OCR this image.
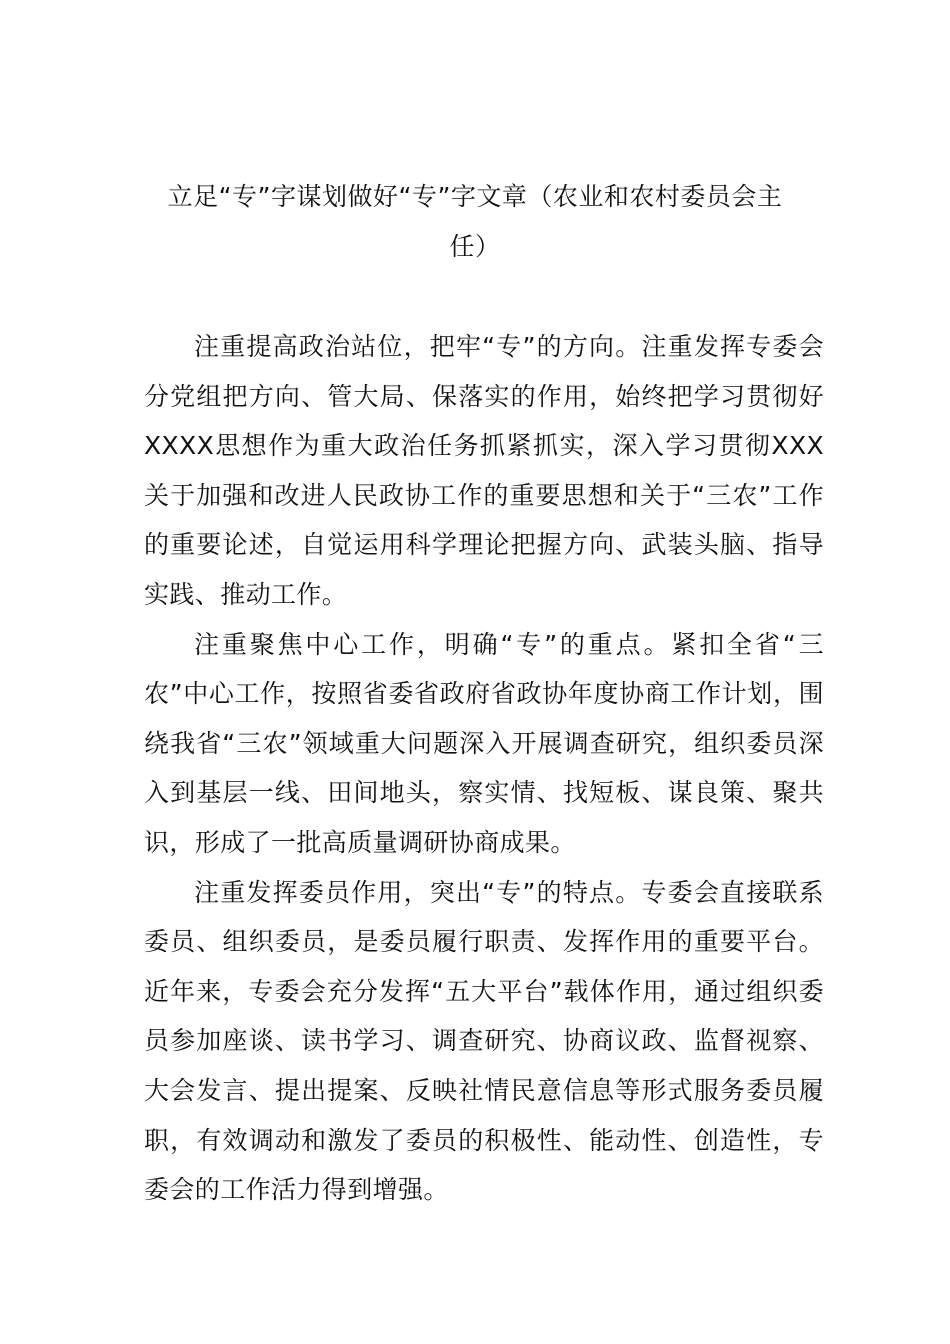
立足“专”字谋划做好“专”字文章（农业和农村委员会主
任）

注重提高政治站位，把牢“专”的方向。注重发挥专委会分党组把方向、管大局、保落实的作用，始终把学习贯彻好XXXX思想作为重大政治任务抓紧抓实，深入学习贯彻XXX关于加强和改进人民政协工作的重要思想和关于“三农”工作的重要论述，自觉运用科学理论把握方向、武装头脑、指导实践、推动工作。

注重聚焦中心工作，明确“专”的重点。紧扣全省“三农”中心工作，按照省委省政府省政协年度协商工作计划，围绕我省“三农”领域重大问题深入开展调查研究，组织委员深入到基层一线、田间地头，察实情、找短板、谋良策、聚共识，形成了一批高质量调研协商成果。

注重发挥委员作用，突出“专”的特点。专委会直接联系委员、组织委员，是委员履行职责、发挥作用的重要平台。近年来，专委会充分发挥“五大平台”载体作用，通过组织委员参加座谈、读书学习、调查研究、协商议政、监督视察、大会发言、提出提案、反映社情民意信息等形式服务委员履职，有效调动和激发了委员的积极性、能动性、创造性，专委会的工作活力得到增强。
